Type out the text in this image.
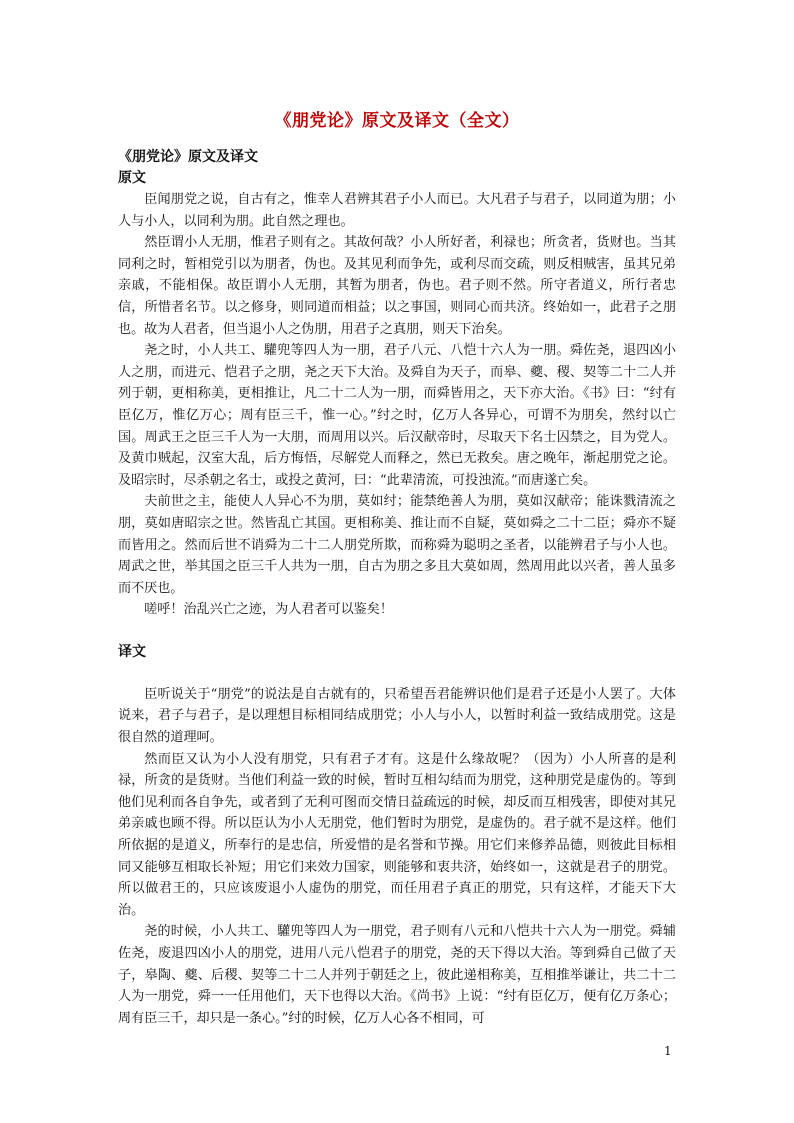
《朋党论》原文及译文（全文）
《朋党论》原文及译文
原文

臣闻朋党之说，自古有之，惟幸人君辨其君子小人而已。大凡君子与君子，以同道为朋；小人与小人，以同利为朋。此自然之理也。

然臣谓小人无朋，惟君子则有之。其故何哉？小人所好者，利禄也；所贪者，货财也。当其同利之时，暂相党引以为朋者，伪也。及其见利而争先，或利尽而交疏，则反相贼害，虽其兄弟亲戚，不能相保。故臣谓小人无朋，其暂为朋者，伪也。君子则不然。所守者道义，所行者忠信，所惜者名节。以之修身，则同道而相益；以之事国，则同心而共济。终始如一，此君子之朋也。故为人君者，但当退小人之伪朋，用君子之真朋，则天下治矣。

尧之时，小人共工、驩兜等四人为一朋，君子八元、八恺十六人为一朋。舜佐尧，退四凶小人之朋，而进元、恺君子之朋，尧之天下大治。及舜自为天子，而皋、夔、稷、契等二十二人并列于朝，更相称美，更相推让，凡二十二人为一朋，而舜皆用之，天下亦大治。《书》曰：“纣有臣亿万，惟亿万心；周有臣三千，惟一心。”纣之时，亿万人各异心，可谓不为朋矣，然纣以亡国。周武王之臣三千人为一大朋，而周用以兴。后汉献帝时，尽取天下名士囚禁之，目为党人。及黄巾贼起，汉室大乱，后方悔悟，尽解党人而释之，然已无救矣。唐之晚年，渐起朋党之论。及昭宗时，尽杀朝之名士，或投之黄河，曰：“此辈清流，可投浊流。”而唐遂亡矣。

夫前世之主，能使人人异心不为朋，莫如纣；能禁绝善人为朋，莫如汉献帝；能诛戮清流之朋，莫如唐昭宗之世。然皆乱亡其国。更相称美、推让而不自疑，莫如舜之二十二臣；舜亦不疑而皆用之。然而后世不诮舜为二十二人朋党所欺，而称舜为聪明之圣者，以能辨君子与小人也。周武之世，举其国之臣三千人共为一朋，自古为朋之多且大莫如周，然周用此以兴者，善人虽多而不厌也。

嗟呼！治乱兴亡之迹，为人君者可以鉴矣！

译文

臣听说关于“朋党”的说法是自古就有的，只希望吾君能辨识他们是君子还是小人罢了。大体说来，君子与君子，是以理想目标相同结成朋党；小人与小人，以暂时利益一致结成朋党。这是很自然的道理呵。

然而臣又认为小人没有朋党，只有君子才有。这是什么缘故呢？（因为）小人所喜的是利禄，所贪的是货财。当他们利益一致的时候，暂时互相勾结而为朋党，这种朋党是虚伪的。等到他们见利而各自争先，或者到了无利可图而交情日益疏远的时候，却反而互相残害，即使对其兄弟亲戚也顾不得。所以臣认为小人无朋党，他们暂时为朋党，是虚伪的。君子就不是这样。他们所依据的是道义，所奉行的是忠信，所爱惜的是名誉和节操。用它们来修养品德，则彼此目标相同又能够互相取长补短；用它们来效力国家，则能够和衷共济，始终如一，这就是君子的朋党。所以做君王的，只应该废退小人虚伪的朋党，而任用君子真正的朋党，只有这样，才能天下大治。

尧的时候，小人共工、驩兜等四人为一朋党，君子则有八元和八恺共十六人为一朋党。舜辅佐尧，废退四凶小人的朋党，进用八元八恺君子的朋党，尧的天下得以大治。等到舜自己做了天子，皋陶、夔、后稷、契等二十二人并列于朝廷之上，彼此递相称美，互相推举谦让，共二十二人为一朋党，舜一一任用他们，天下也得以大治。《尚书》上说：“纣有臣亿万，便有亿万条心；周有臣三千，却只是一条心。”纣的时候，亿万人心各不相同，可

1
